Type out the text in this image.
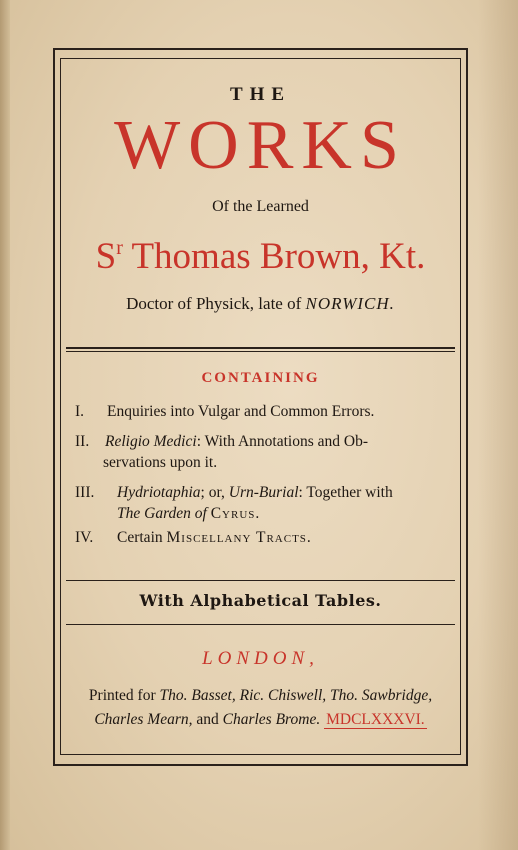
THE
WORKS
Of the Learned
$S^r$ Thomas Brown, Kt.
Doctor of Physick, late of NORWICH.
CONTAINING
I. Enquiries into Vulgar and Common Errors.
II. Religio Medici: With Annotations and Ob-
servations upon it.
III. Hydriotaphia; or, Urn-Burial: Together with
The Garden of Cyrus.
IV. Certain Miscellany Tracts.
With Alphabetical Tables.
LONDON,
Printed for Tho. Basset, Ric. Chiswell, Tho. Sawbridge,
Charles Mearn, and Charles Brome. MDCLXXXVI.
